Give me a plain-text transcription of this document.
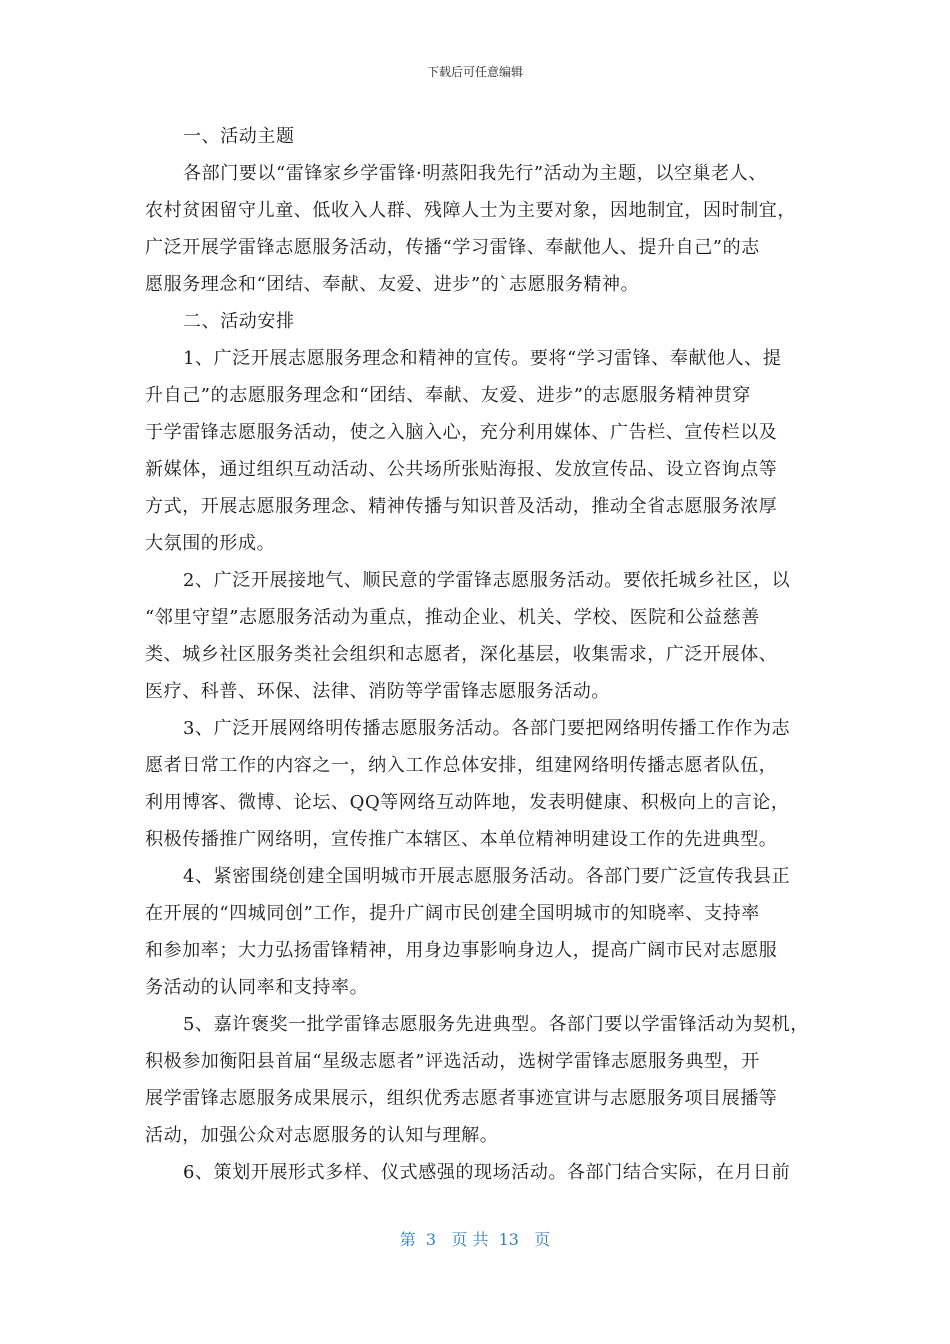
下载后可任意编辑
一、活动主题
各部门要以“雷锋家乡学雷锋·明蒸阳我先行”活动为主题，以空巢老人、
农村贫困留守儿童、低收入人群、残障人士为主要对象，因地制宜，因时制宜，
广泛开展学雷锋志愿服务活动，传播“学习雷锋、奉献他人、提升自己”的志
愿服务理念和“团结、奉献、友爱、进步”的`志愿服务精神。
二、活动安排
1、广泛开展志愿服务理念和精神的宣传。要将“学习雷锋、奉献他人、提
升自己”的志愿服务理念和“团结、奉献、友爱、进步”的志愿服务精神贯穿
于学雷锋志愿服务活动，使之入脑入心，充分利用媒体、广告栏、宣传栏以及
新媒体，通过组织互动活动、公共场所张贴海报、发放宣传品、设立咨询点等
方式，开展志愿服务理念、精神传播与知识普及活动，推动全省志愿服务浓厚
大氛围的形成。
2、广泛开展接地气、顺民意的学雷锋志愿服务活动。要依托城乡社区，以
“邻里守望”志愿服务活动为重点，推动企业、机关、学校、医院和公益慈善
类、城乡社区服务类社会组织和志愿者，深化基层，收集需求，广泛开展体、
医疗、科普、环保、法律、消防等学雷锋志愿服务活动。
3、广泛开展网络明传播志愿服务活动。各部门要把网络明传播工作作为志
愿者日常工作的内容之一，纳入工作总体安排，组建网络明传播志愿者队伍，
利用博客、微博、论坛、QQ等网络互动阵地，发表明健康、积极向上的言论，
积极传播推广网络明，宣传推广本辖区、本单位精神明建设工作的先进典型。
4、紧密围绕创建全国明城市开展志愿服务活动。各部门要广泛宣传我县正
在开展的“四城同创”工作，提升广阔市民创建全国明城市的知晓率、支持率
和参加率；大力弘扬雷锋精神，用身边事影响身边人，提高广阔市民对志愿服
务活动的认同率和支持率。
5、嘉许褒奖一批学雷锋志愿服务先进典型。各部门要以学雷锋活动为契机，
积极参加衡阳县首届“星级志愿者”评选活动，选树学雷锋志愿服务典型，开
展学雷锋志愿服务成果展示，组织优秀志愿者事迹宣讲与志愿服务项目展播等
活动，加强公众对志愿服务的认知与理解。
6、策划开展形式多样、仪式感强的现场活动。各部门结合实际，在月日前
第  3   页 共  13   页
